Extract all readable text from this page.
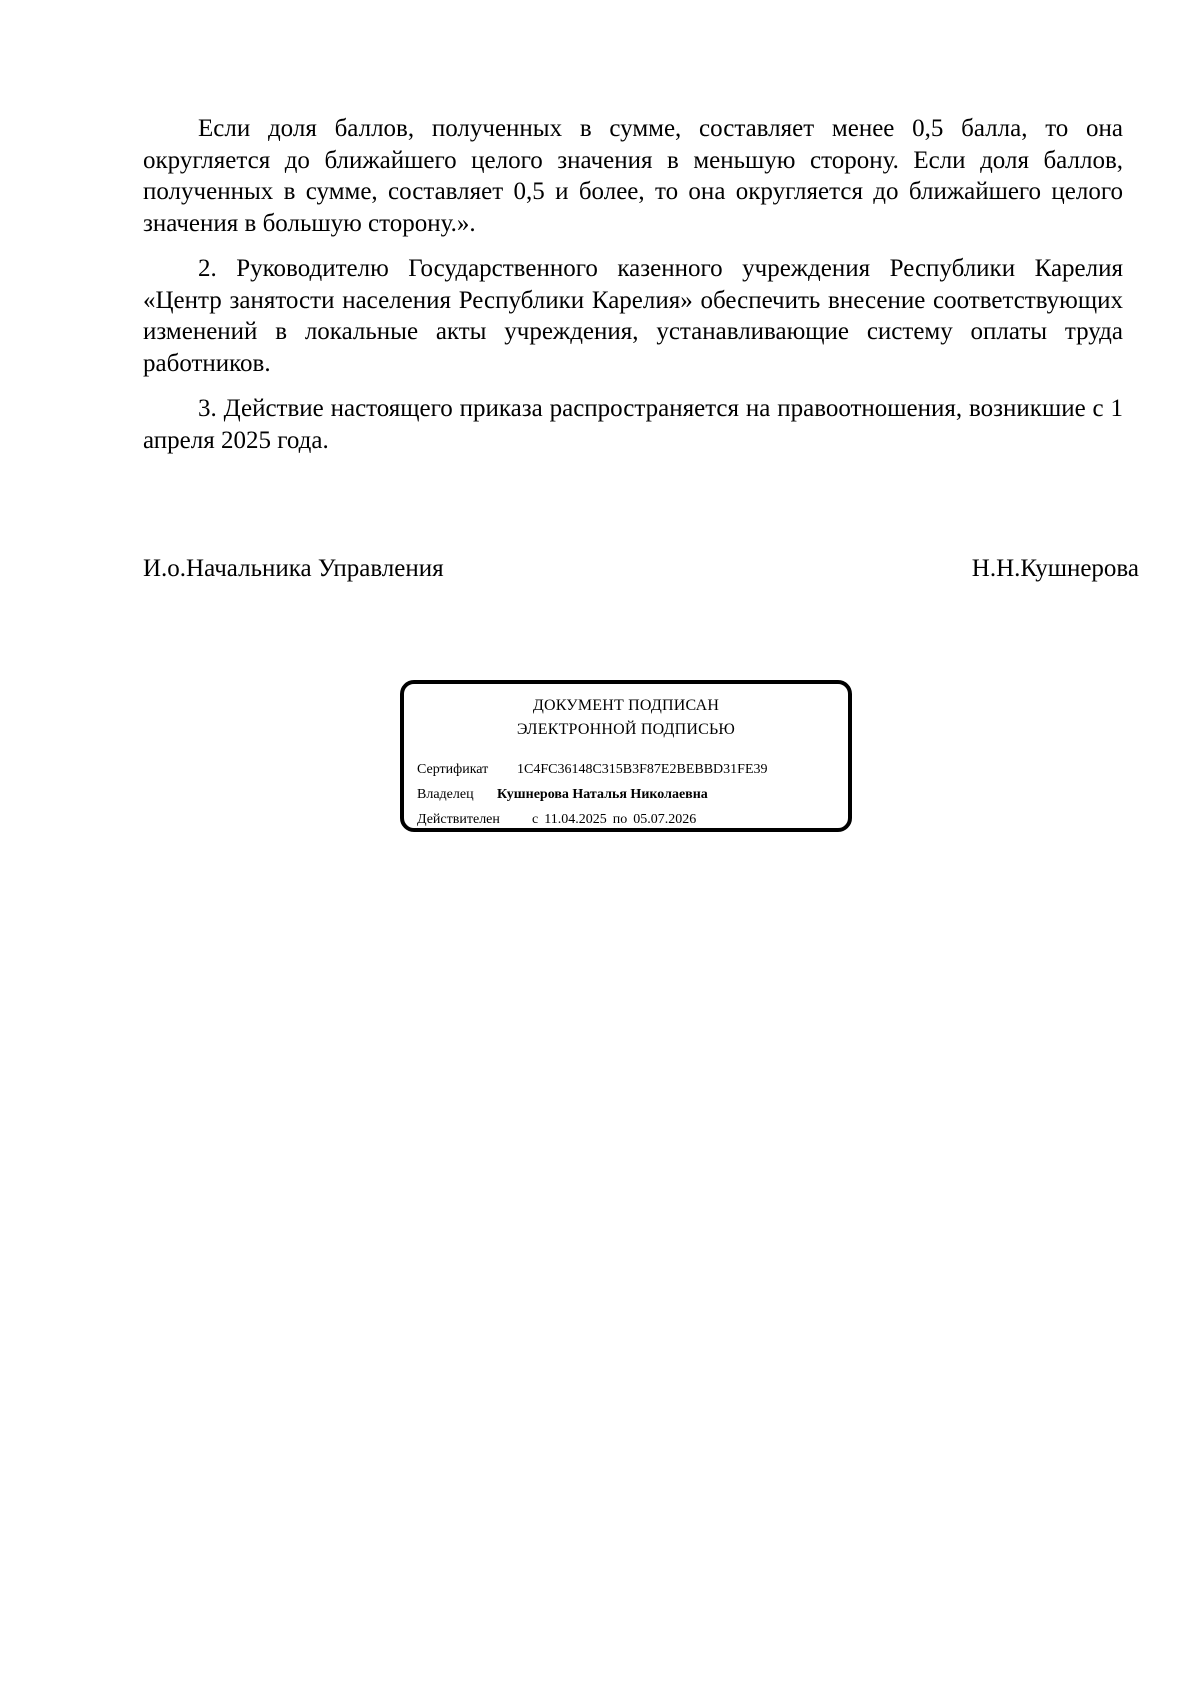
Если доля баллов, полученных в сумме, составляет менее 0,5 балла, то она округляется до ближайшего целого значения в меньшую сторону. Если доля баллов, полученных в сумме, составляет 0,5 и более, то она округляется до ближайшего целого значения в большую сторону.».

2. Руководителю Государственного казенного учреждения Республики Карелия «Центр занятости населения Республики Карелия» обеспечить внесение соответствующих изменений в локальные акты учреждения, устанавливающие систему оплаты труда работников.

3. Действие настоящего приказа распространяется на правоотношения, возникшие с 1 апреля 2025 года.

И.о.Начальника Управления	Н.Н.Кушнерова
ДОКУМЕНТ ПОДПИСАН
ЭЛЕКТРОННОЙ ПОДПИСЬЮ
Сертификат 1C4FC36148C315B3F87E2BEBBD31FE39
Владелец Кушнерова Наталья Николаевна
Действителен с 11.04.2025 по 05.07.2026
